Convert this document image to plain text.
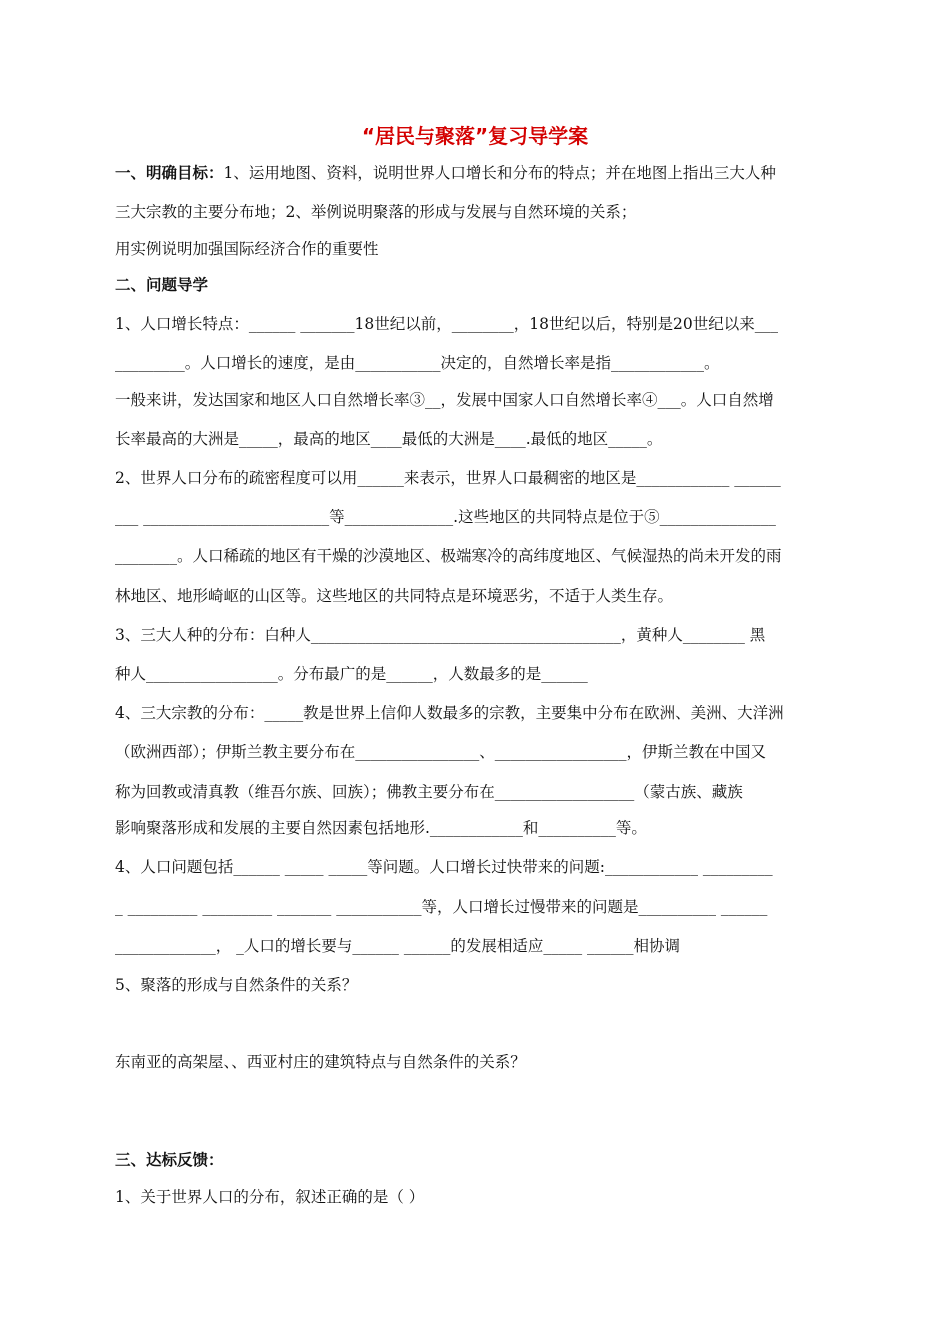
“居民与聚落”复习导学案
一、明确目标：1、运用地图、资料，说明世界人口增长和分布的特点；并在地图上指出三大人种
三大宗教的主要分布地；2、举例说明聚落的形成与发展与自然环境的关系；
用实例说明加强国际经济合作的重要性
二、问题导学
1、人口增长特点：______ _______18世纪以前，________，18世纪以后，特别是20世纪以来___
_________。人口增长的速度，是由___________决定的，自然增长率是指____________。
一般来讲，发达国家和地区人口自然增长率③__，发展中国家人口自然增长率④___。人口自然增
长率最高的大洲是_____，最高的地区____最低的大洲是____.最低的地区_____。
2、世界人口分布的疏密程度可以用______来表示，世界人口最稠密的地区是____________ ______
___ ________________________等______________.这些地区的共同特点是位于⑤_______________
________。人口稀疏的地区有干燥的沙漠地区、极端寒冷的高纬度地区、气候湿热的尚未开发的雨
林地区、地形崎岖的山区等。这些地区的共同特点是环境恶劣，不适于人类生存。
3、三大人种的分布：白种人________________________________________，黄种人________ 黑
种人_________________。分布最广的是______，人数最多的是______
4、三大宗教的分布：_____教是世界上信仰人数最多的宗教，主要集中分布在欧洲、美洲、大洋洲
（欧洲西部）；伊斯兰教主要分布在________________、_________________，伊斯兰教在中国又
称为回教或清真教（维吾尔族、回族）；佛教主要分布在__________________（蒙古族、藏族
影响聚落形成和发展的主要自然因素包括地形.____________和__________等。
4、人口问题包括______ _____ _____等问题。人口增长过快带来的问题:____________ _________
_ _________ _________ _______ ___________等，人口增长过慢带来的问题是__________ ______
_____________， _人口的增长要与______ ______的发展相适应_____ ______相协调
5、聚落的形成与自然条件的关系？
东南亚的高架屋、、西亚村庄的建筑特点与自然条件的关系？
三、达标反馈：
1、关于世界人口的分布，叙述正确的是（ ）
